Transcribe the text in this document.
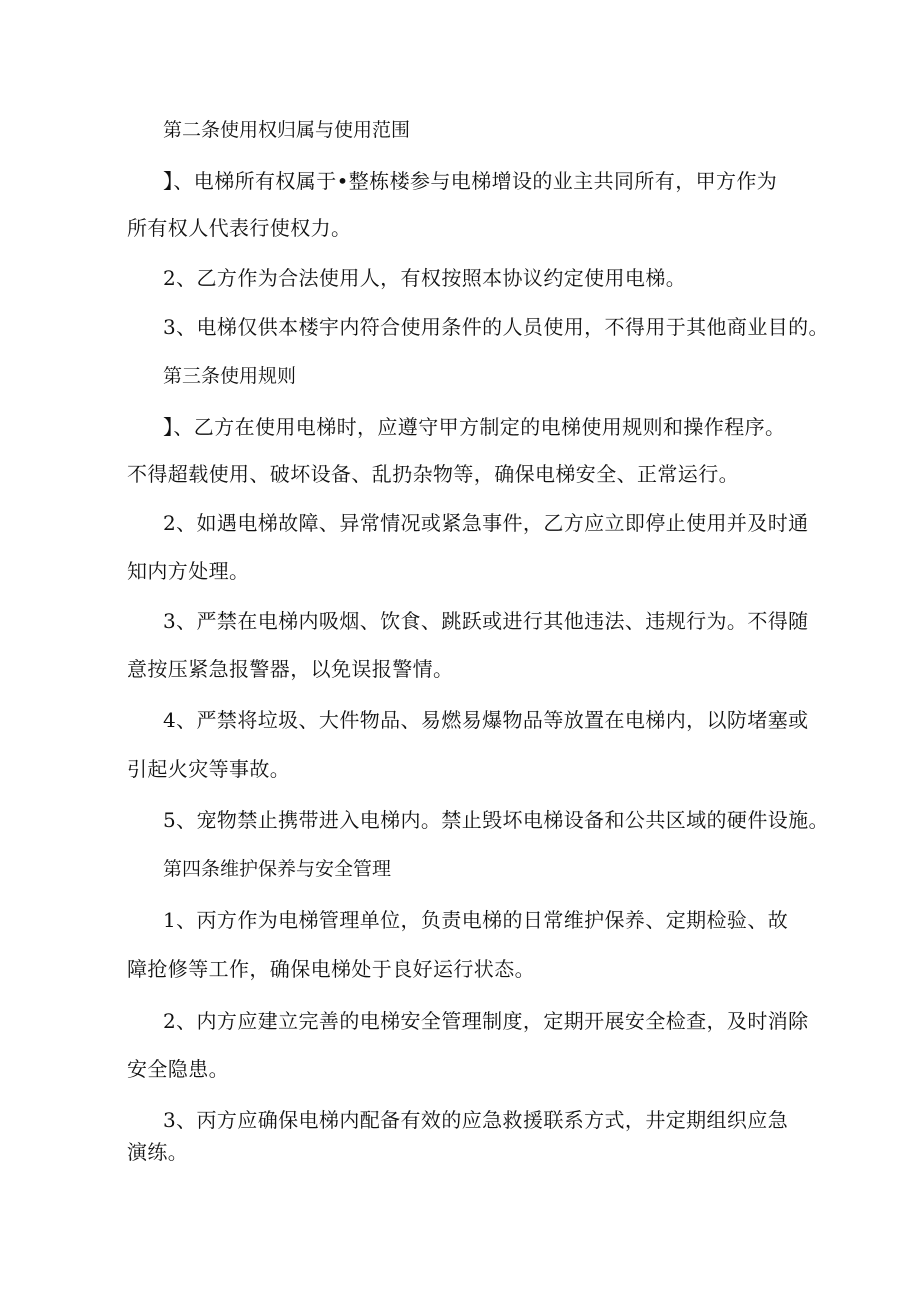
第二条使用权归属与使用范围
】、电梯所有权属于•整栋楼参与电梯增设的业主共同所有，甲方作为
所有权人代表行使权力。
2、乙方作为合法使用人，有权按照本协议约定使用电梯。
3、电梯仅供本楼宇内符合使用条件的人员使用，不得用于其他商业目的。
第三条使用规则
】、乙方在使用电梯时，应遵守甲方制定的电梯使用规则和操作程序。
不得超载使用、破坏设备、乱扔杂物等，确保电梯安全、正常运行。
2、如遇电梯故障、异常情况或紧急事件，乙方应立即停止使用并及时通
知内方处理。
3、严禁在电梯内吸烟、饮食、跳跃或进行其他违法、违规行为。不得随
意按压紧急报警器，以免误报警情。
4、严禁将垃圾、大件物品、易燃易爆物品等放置在电梯内，以防堵塞或
引起火灾等事故。
5、宠物禁止携带进入电梯内。禁止毁坏电梯设备和公共区域的硬件设施。
第四条维护保养与安全管理
1、丙方作为电梯管理单位，负责电梯的日常维护保养、定期检验、故
障抢修等工作，确保电梯处于良好运行状态。
2、内方应建立完善的电梯安全管理制度，定期开展安全检查，及时消除
安全隐患。
3、丙方应确保电梯内配备有效的应急救援联系方式，井定期组织应急
演练。
